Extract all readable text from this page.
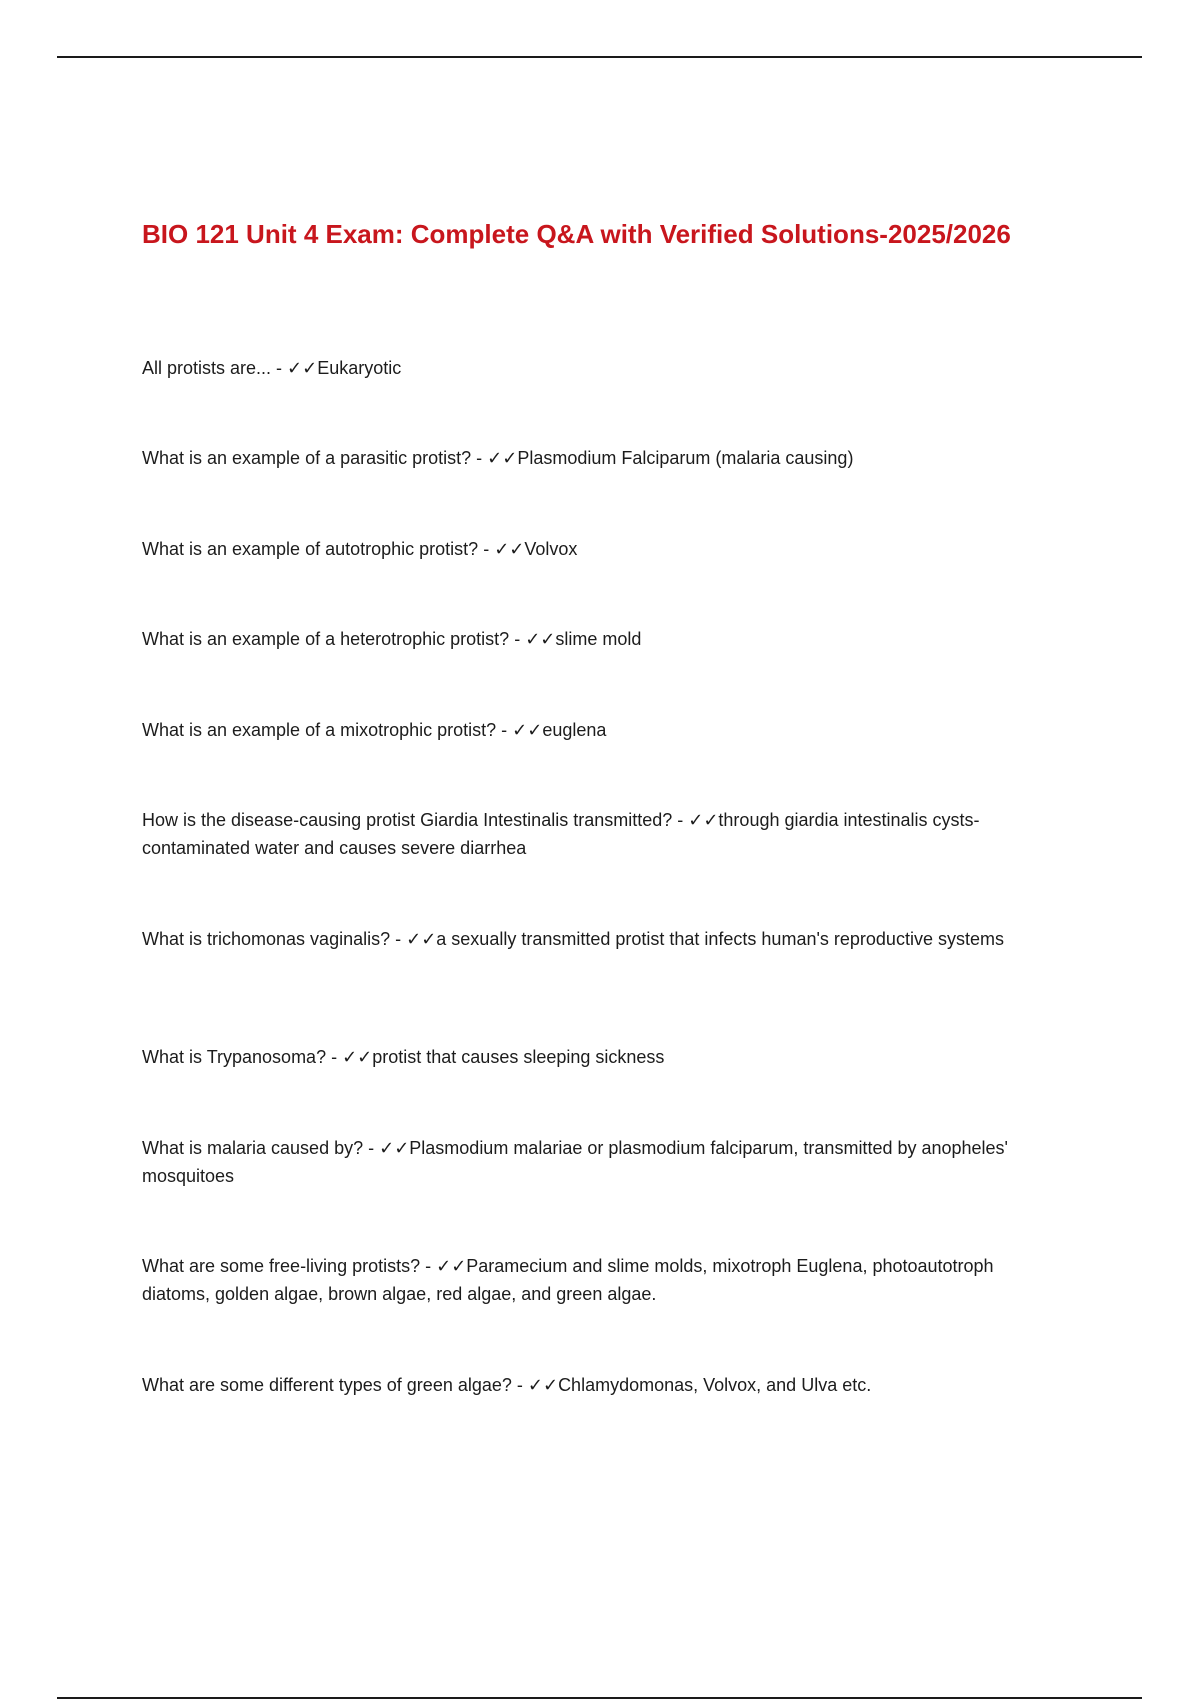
BIO 121 Unit 4 Exam: Complete Q&A with Verified Solutions-2025/2026

All protists are... - ✓✓Eukaryotic

What is an example of a parasitic protist? - ✓✓Plasmodium Falciparum (malaria causing)

What is an example of autotrophic protist? - ✓✓Volvox

What is an example of a heterotrophic protist? - ✓✓slime mold

What is an example of a mixotrophic protist? - ✓✓euglena

How is the disease-causing protist Giardia Intestinalis transmitted? - ✓✓through giardia intestinalis cysts-contaminated water and causes severe diarrhea

What is trichomonas vaginalis? - ✓✓a sexually transmitted protist that infects human's reproductive systems

What is Trypanosoma? - ✓✓protist that causes sleeping sickness

What is malaria caused by? - ✓✓Plasmodium malariae or plasmodium falciparum, transmitted by anopheles' mosquitoes

What are some free-living protists? - ✓✓Paramecium and slime molds, mixotroph Euglena, photoautotroph diatoms, golden algae, brown algae, red algae, and green algae.

What are some different types of green algae? - ✓✓Chlamydomonas, Volvox, and Ulva etc.
